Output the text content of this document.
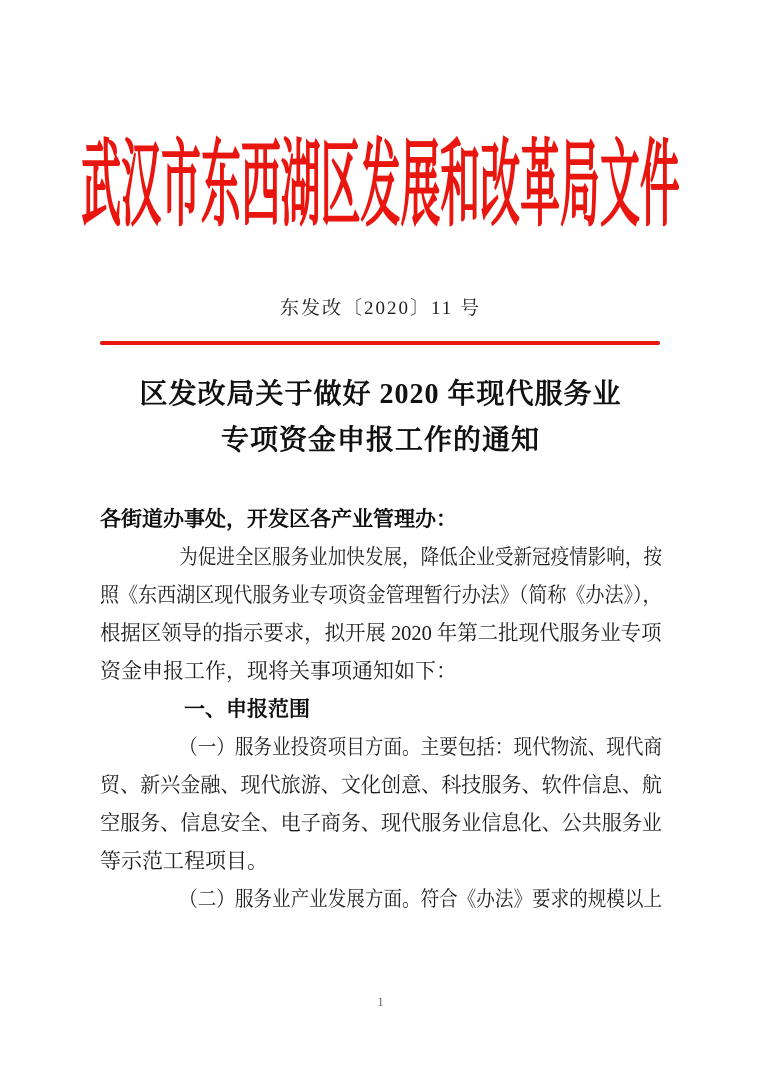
武汉市东西湖区发展和改革局文件
东发改〔2020〕11 号
区发改局关于做好 2020 年现代服务业
专项资金申报工作的通知
各街道办事处，开发区各产业管理办：
为促进全区服务业加快发展，降低企业受新冠疫情影响，按
照《东西湖区现代服务业专项资金管理暂行办法》（简称《办法》），
根据区领导的指示要求，拟开展 2020 年第二批现代服务业专项
资金申报工作，现将关事项通知如下：
一、申报范围
（一）服务业投资项目方面。主要包括：现代物流、现代商
贸、新兴金融、现代旅游、文化创意、科技服务、软件信息、航
空服务、信息安全、电子商务、现代服务业信息化、公共服务业
等示范工程项目。
（二）服务业产业发展方面。符合《办法》要求的规模以上
1
